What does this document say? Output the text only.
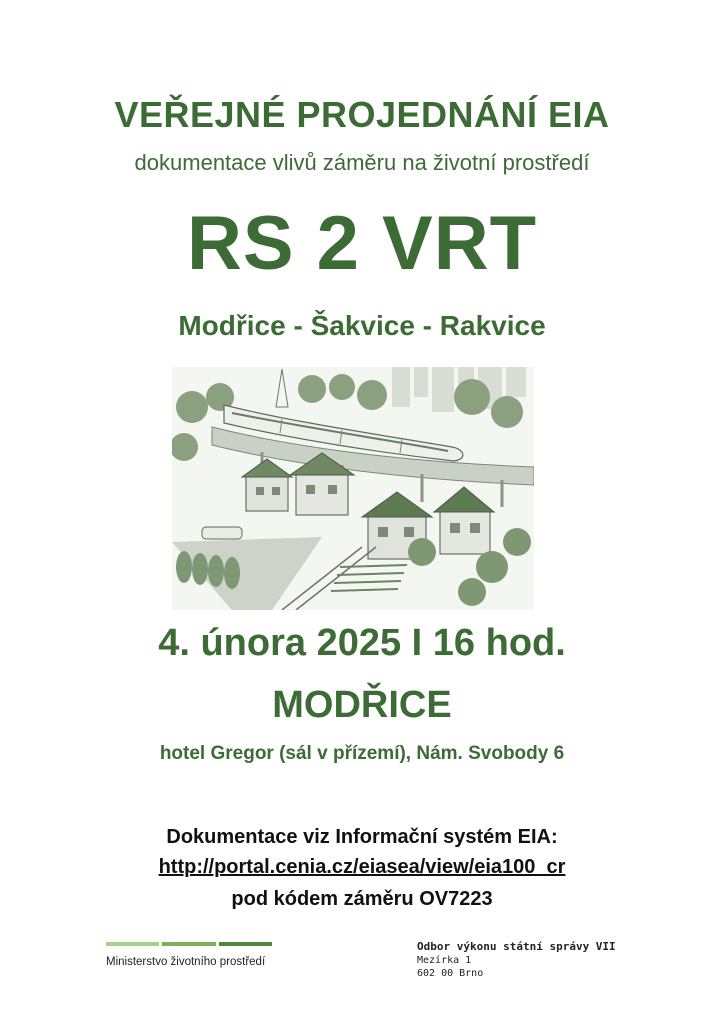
VEŘEJNÉ PROJEDNÁNÍ EIA
dokumentace vlivů záměru na životní prostředí
RS 2 VRT
Modřice - Šakvice - Rakvice
4. února 2025 I 16 hod.
MODŘICE
hotel Gregor (sál v přízemí), Nám. Svobody 6
Dokumentace viz Informační systém EIA:
http://portal.cenia.cz/eiasea/view/eia100_cr
pod kódem záměru OV7223
Ministerstvo životního prostředí
Odbor výkonu státní správy VII
Mezírka 1
602 00 Brno
